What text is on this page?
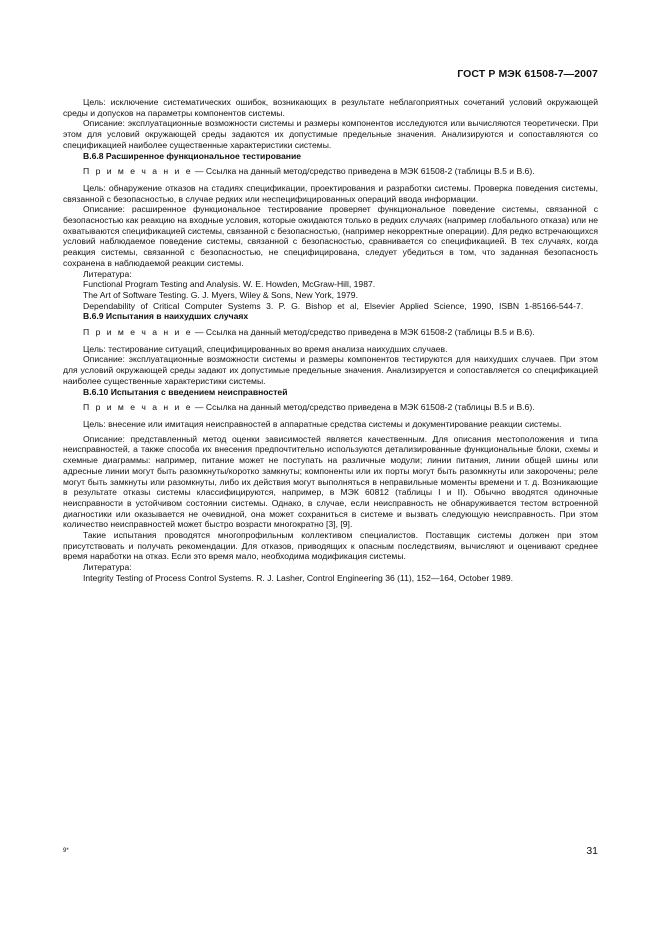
ГОСТ Р МЭК 61508-7—2007

Цель: исключение систематических ошибок, возникающих в результате неблагоприятных сочетаний условий окружающей среды и допусков на параметры компонентов системы.

Описание: эксплуатационные возможности системы и размеры компонентов исследуются или вычисляются теоретически. При этом для условий окружающей среды задаются их допустимые предельные значения. Анализируются и сопоставляются со спецификацией наиболее существенные характеристики системы.

В.6.8 Расширенное функциональное тестирование

П р и м е ч а н и е — Ссылка на данный метод/средство приведена в МЭК 61508-2 (таблицы В.5 и В.6).

Цель: обнаружение отказов на стадиях спецификации, проектирования и разработки системы. Проверка поведения системы, связанной с безопасностью, в случае редких или неспецифицированных операций ввода информации.

Описание: расширенное функциональное тестирование проверяет функциональное поведение системы, связанной с безопасностью как реакцию на входные условия, которые ожидаются только в редких случаях (например глобального отказа) или не охватываются спецификацией системы, связанной с безопасностью, (например некорректные операции). Для редко встречающихся условий наблюдаемое поведение системы, связанной с безопасностью, сравнивается со спецификацией. В тех случаях, когда реакция системы, связанной с безопасностью, не специфицирована, следует убедиться в том, что заданная безопасность сохранена в наблюдаемой реакции системы.

Литература:

Functional Program Testing and Analysis. W. E. Howden, McGraw-Hill, 1987.

The Art of Software Testing. G. J. Myers, Wiley & Sons, New York, 1979.

Dependability of Critical Computer Systems 3. P. G. Bishop et al, Elsevier Applied Science, 1990, ISBN 1-85166-544-7.

В.6.9 Испытания в наихудших случаях

П р и м е ч а н и е — Ссылка на данный метод/средство приведена в МЭК 61508-2 (таблицы В.5 и В.6).

Цель: тестирование ситуаций, специфицированных во время анализа наихудших случаев.

Описание: эксплуатационные возможности системы и размеры компонентов тестируются для наихудших случаев. При этом для условий окружающей среды задают их допустимые предельные значения. Анализируется и сопоставляется со спецификацией наиболее существенные характеристики системы.

В.6.10 Испытания с введением неисправностей

П р и м е ч а н и е — Ссылка на данный метод/средство приведена в МЭК 61508-2 (таблицы В.5 и В.6).

Цель: внесение или имитация неисправностей в аппаратные средства системы и документирование реакции системы.

Описание: представленный метод оценки зависимостей является качественным. Для описания местоположения и типа неисправностей, а также способа их внесения предпочтительно используются детализированные функциональные блоки, схемы и схемные диаграммы: например, питание может не поступать на различные модули; линии питания, линии общей шины или адресные линии могут быть разомкнуты/коротко замкнуты; компоненты или их порты могут быть разомкнуты или закорочены; реле могут быть замкнуты или разомкнуты, либо их действия могут выполняться в неправильные моменты времени и т. д. Возникающие в результате отказы системы классифицируются, например, в МЭК 60812 (таблицы I и II). Обычно вводятся одиночные неисправности в устойчивом состоянии системы. Однако, в случае, если неисправность не обнаруживается тестом встроенной диагностики или оказывается не очевидной, она может сохраниться в системе и вызвать следующую неисправность. При этом количество неисправностей может быстро возрасти многократно [3], [9].

Такие испытания проводятся многопрофильным коллективом специалистов. Поставщик системы должен при этом присутствовать и получать рекомендации. Для отказов, приводящих к опасным последствиям, вычисляют и оценивают среднее время наработки на отказ. Если это время мало, необходима модификация системы.

Литература:

Integrity Testing of Process Control Systems. R. J. Lasher, Control Engineering 36 (11), 152—164, October 1989.

9*	31
